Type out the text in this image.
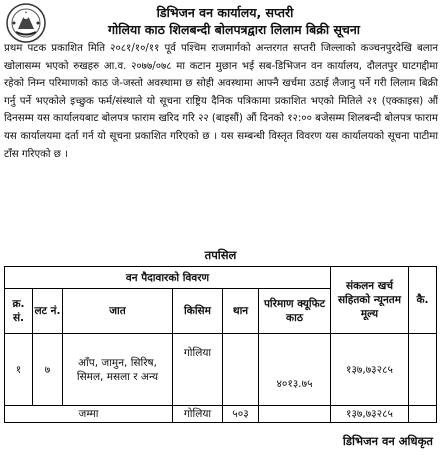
डिभिजन वन कार्यालय, सप्तरी
गोलिया काठ शिलबन्दी बोलपत्रद्वारा लिलाम बिक्री सूचना
प्रथम पटक प्रकाशित मिति २०८१/१०/११ पूर्व पश्चिम राजमार्गको अन्तरगत सप्तरी जिल्लाको कञ्चनपुरदेखि बलान खोलासम्म भएको रुखहरु आ.व. २०७७/०७८ मा कटान मुछान भई सब-डिभिजन वन कार्यालय, दौलतपुर घाटगद्दीमा रहेको निम्न परिमाणको काठ जे-जस्तो अवस्थामा छ सोही अवस्थामा आफ्नै खर्चमा उठाई लैजानु पर्ने गरी लिलाम बिक्री गर्नु पर्ने भएकोले इच्छुक फर्म/संस्थाले यो सूचना राष्ट्रिय दैनिक पत्रिकामा प्रकाशित भएको मितिले २१ (एक्काइस) औं दिनसम्म यस कार्यालयबाट बोलपत्र फाराम खरिद गरि २२ (बाइसौं) औं दिनको १२:०० बजेसम्म शिलबन्दी बोलपत्र फाराम यस कार्यालयमा दर्ता गर्न यो सूचना प्रकाशित गरिएको छ । यस सम्बन्धी विस्तृत विवरण यस कार्यालयको सूचना पाटीमा टाँस गरिएको छ ।
तपसिल
वन पैदावारको विवरण						संकलन खर्च सहितको न्यूनतम मूल्य	कै.
क्र. सं.	लट नं.	जात	किसिम	थान	परिमाण क्यूफिट काठ		
१	७	आँप, जामुन, सिरिष, सिमल, मसला र अन्य	गोलिया		४०१३.७५	१३७,७३२८५	
जम्मा			गोलिया	५०३		१३७,७३२८५	
डिभिजन वन अधिकृत
